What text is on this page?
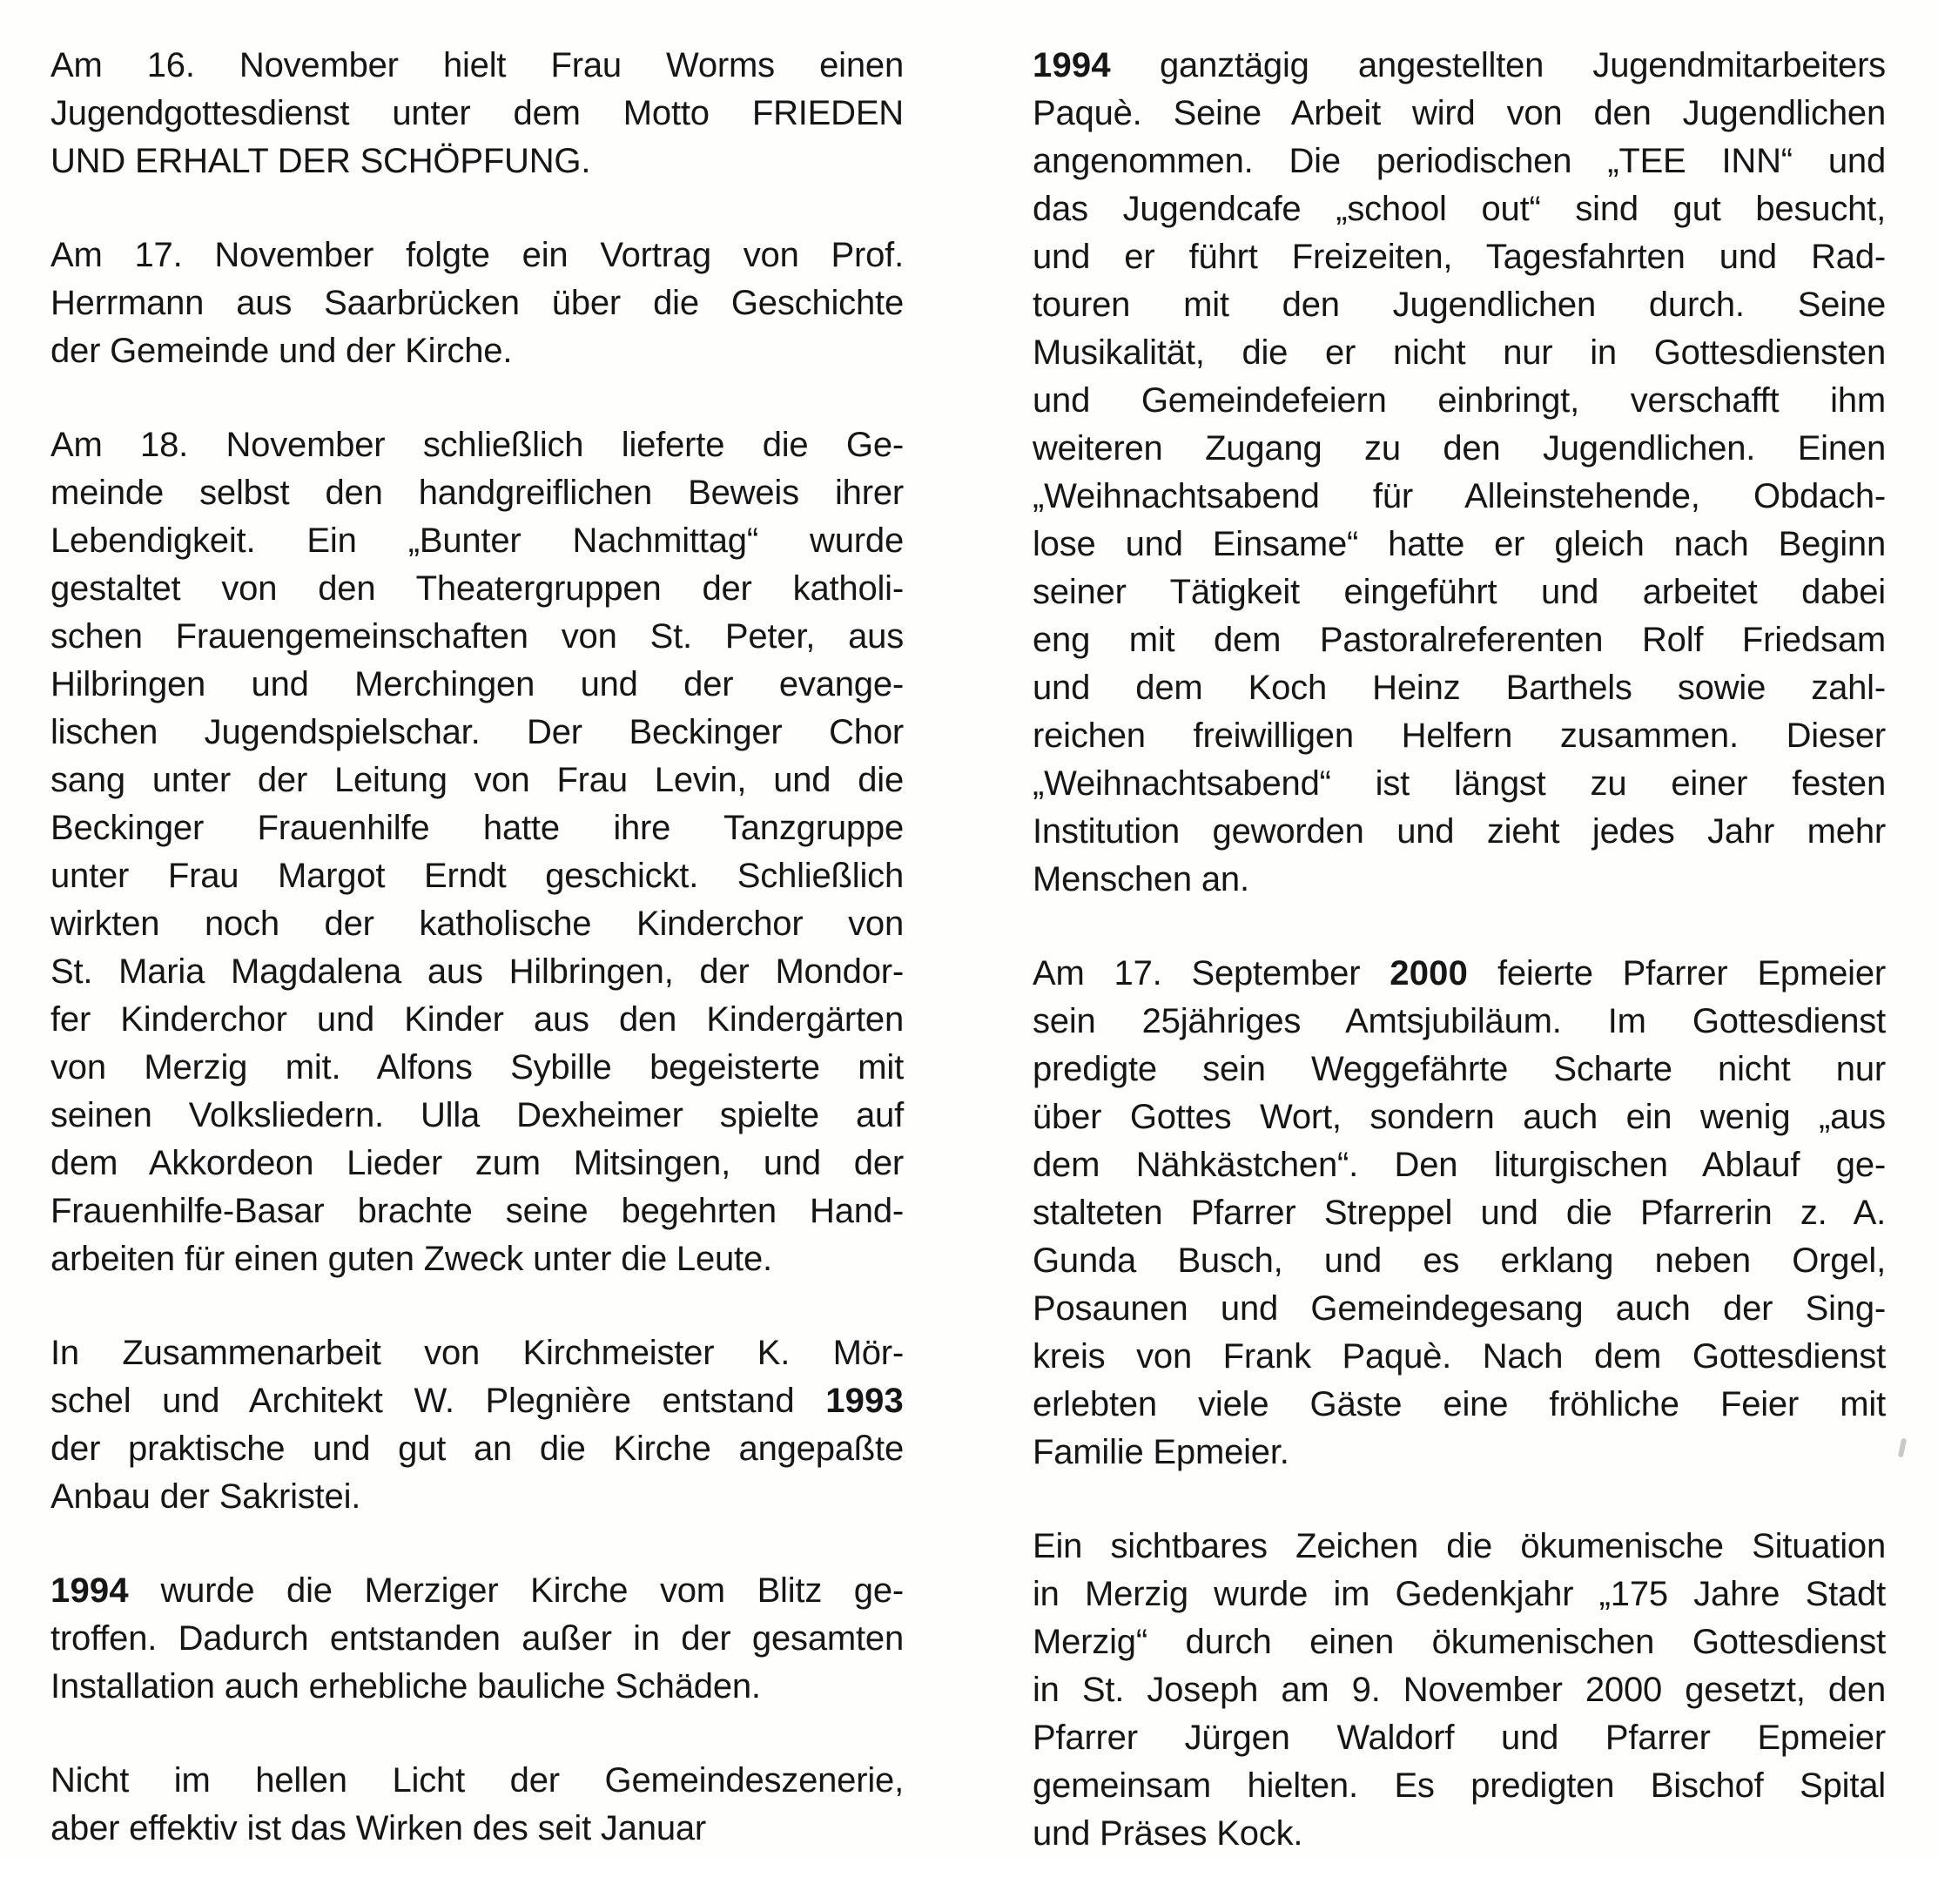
Am 16. November hielt Frau Worms einen
Jugendgottesdienst unter dem Motto FRIEDEN
UND ERHALT DER SCHÖPFUNG.

Am 17. November folgte ein Vortrag von Prof.
Herrmann aus Saarbrücken über die Geschichte
der Gemeinde und der Kirche.

Am 18. November schließlich lieferte die Ge-
meinde selbst den handgreiflichen Beweis ihrer
Lebendigkeit. Ein „Bunter Nachmittag“ wurde
gestaltet von den Theatergruppen der katholi-
schen Frauengemeinschaften von St. Peter, aus
Hilbringen und Merchingen und der evange-
lischen Jugendspielschar. Der Beckinger Chor
sang unter der Leitung von Frau Levin, und die
Beckinger Frauenhilfe hatte ihre Tanzgruppe
unter Frau Margot Erndt geschickt. Schließlich
wirkten noch der katholische Kinderchor von
St. Maria Magdalena aus Hilbringen, der Mondor-
fer Kinderchor und Kinder aus den Kindergärten
von Merzig mit. Alfons Sybille begeisterte mit
seinen Volksliedern. Ulla Dexheimer spielte auf
dem Akkordeon Lieder zum Mitsingen, und der
Frauenhilfe-Basar brachte seine begehrten Hand-
arbeiten für einen guten Zweck unter die Leute.

In Zusammenarbeit von Kirchmeister K. Mör-
schel und Architekt W. Plegnière entstand 1993
der praktische und gut an die Kirche angepaßte
Anbau der Sakristei.

1994 wurde die Merziger Kirche vom Blitz ge-
troffen. Dadurch entstanden außer in der gesamten
Installation auch erhebliche bauliche Schäden.

Nicht im hellen Licht der Gemeindeszenerie,
aber effektiv ist das Wirken des seit Januar

1994 ganztägig angestellten Jugendmitarbeiters
Paquè. Seine Arbeit wird von den Jugendlichen
angenommen. Die periodischen „TEE INN“ und
das Jugendcafe „school out“ sind gut besucht,
und er führt Freizeiten, Tagesfahrten und Rad-
touren mit den Jugendlichen durch. Seine
Musikalität, die er nicht nur in Gottesdiensten
und Gemeindefeiern einbringt, verschafft ihm
weiteren Zugang zu den Jugendlichen. Einen
„Weihnachtsabend für Alleinstehende, Obdach-
lose und Einsame“ hatte er gleich nach Beginn
seiner Tätigkeit eingeführt und arbeitet dabei
eng mit dem Pastoralreferenten Rolf Friedsam
und dem Koch Heinz Barthels sowie zahl-
reichen freiwilligen Helfern zusammen. Dieser
„Weihnachtsabend“ ist längst zu einer festen
Institution geworden und zieht jedes Jahr mehr
Menschen an.

Am 17. September 2000 feierte Pfarrer Epmeier
sein 25jähriges Amtsjubiläum. Im Gottesdienst
predigte sein Weggefährte Scharte nicht nur
über Gottes Wort, sondern auch ein wenig „aus
dem Nähkästchen“. Den liturgischen Ablauf ge-
stalteten Pfarrer Streppel und die Pfarrerin z. A.
Gunda Busch, und es erklang neben Orgel,
Posaunen und Gemeindegesang auch der Sing-
kreis von Frank Paquè. Nach dem Gottesdienst
erlebten viele Gäste eine fröhliche Feier mit
Familie Epmeier.

Ein sichtbares Zeichen die ökumenische Situation
in Merzig wurde im Gedenkjahr „175 Jahre Stadt
Merzig“ durch einen ökumenischen Gottesdienst
in St. Joseph am 9. November 2000 gesetzt, den
Pfarrer Jürgen Waldorf und Pfarrer Epmeier
gemeinsam hielten. Es predigten Bischof Spital
und Präses Kock.
